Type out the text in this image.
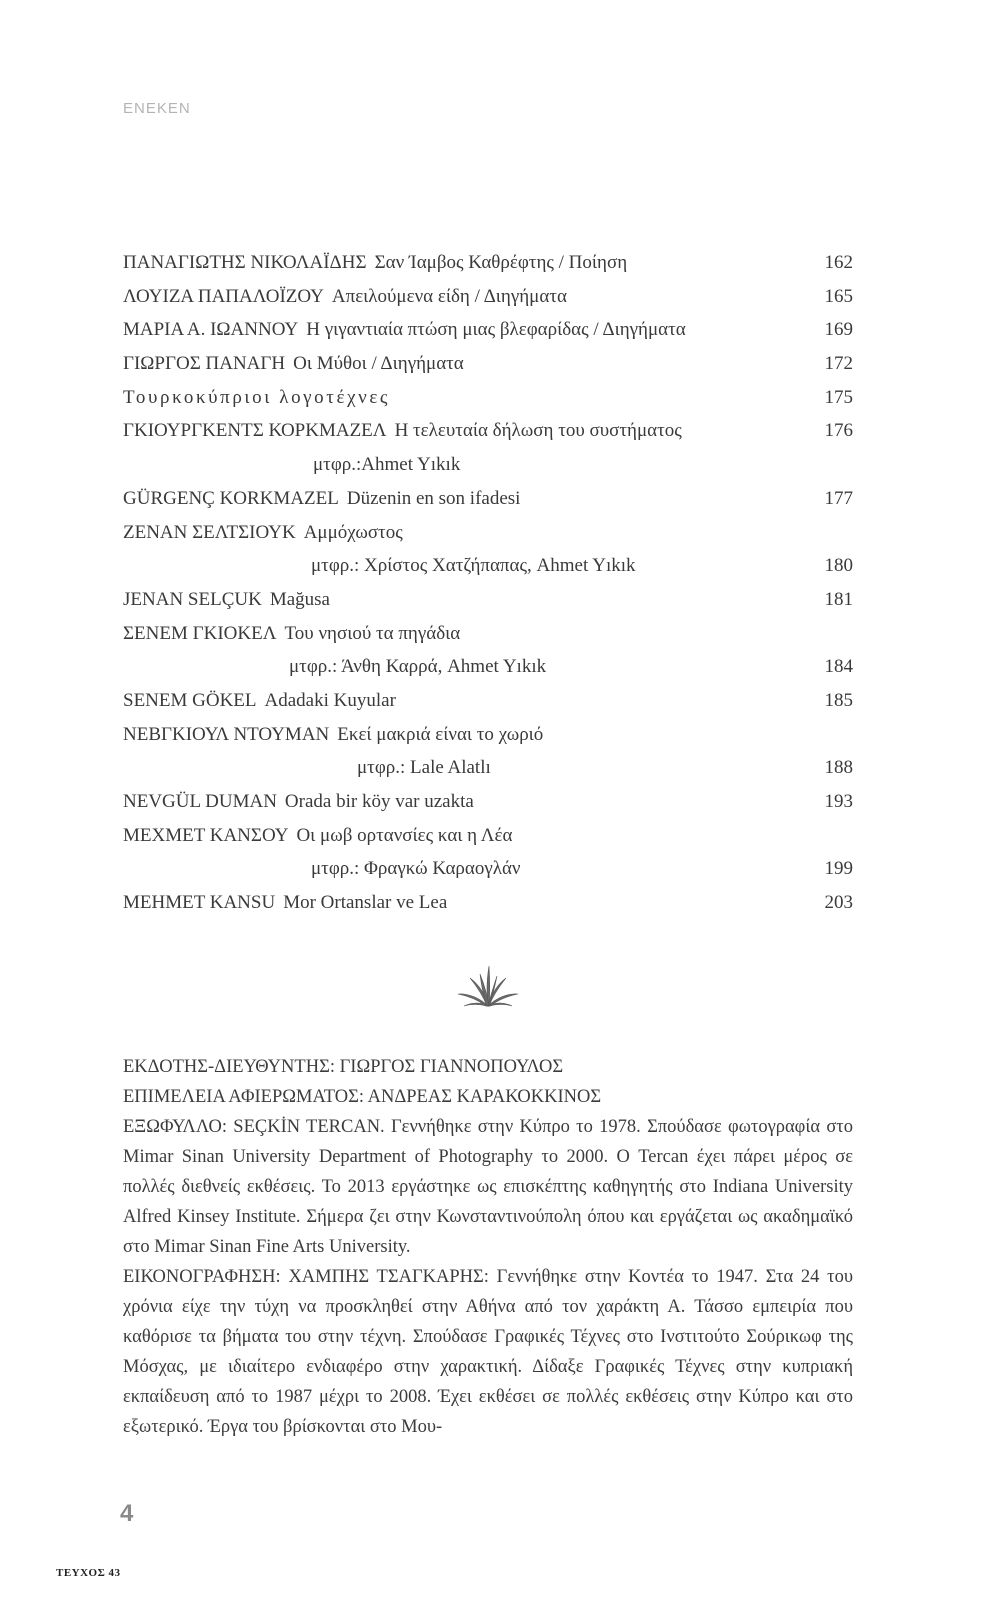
ΕΝΕΚΕΝ
ΠΑΝΑΓΙΩΤΗΣ ΝΙΚΟΛΑΪΔΗΣ Σαν Ίαμβος Καθρέφτης / Ποίηση	162
ΛΟΥΙΖΑ ΠΑΠΑΛΟΪΖΟΥ Απειλούμενα είδη / Διηγήματα	165
ΜΑΡΙΑ Α. ΙΩΑΝΝΟΥ Η γιγαντιαία πτώση μιας βλεφαρίδας / Διηγήματα	169
ΓΙΩΡΓΟΣ ΠΑΝΑΓΗ Οι Μύθοι / Διηγήματα	172
Τουρκοκύπριοι λογοτέχνες	175
ΓΚΙΟΥΡΓΚΕΝΤΣ ΚΟΡΚΜΑΖΕΛ Η τελευταία δήλωση του συστήματος	176
μτφρ.:Ahmet Yıkık
GÜRGENÇ KORKMAZEL Düzenin en son ifadesi	177
ΖΕΝΑΝ ΣΕΛΤΣΙΟΥΚ Αμμόχωστος
μτφρ.: Χρίστος Χατζήπαπας, Ahmet Yıkık	180
JENAN SELÇUK Mağusa	181
ΣΕΝΕΜ ΓΚΙΟΚΕΛ Του νησιού τα πηγάδια
μτφρ.: Άνθη Καρρά, Ahmet Yıkık	184
SENEM GÖKEL Adadaki Kuyular	185
ΝΕΒΓΚΙΟΥΛ ΝΤΟΥΜΑΝ Εκεί μακριά είναι το χωριό
μτφρ.: Lale Alatlı	188
NEVGÜL DUMAN Orada bir köy var uzakta	193
ΜΕΧΜΕΤ ΚΑΝΣΟΥ Οι μωβ ορτανσίες και η Λέα
μτφρ.: Φραγκώ Καραογλάν	199
MEHMET KANSU Mor Ortanslar ve Lea	203

ΕΚΔΟΤΗΣ-ΔΙΕΥΘΥΝΤΗΣ: ΓΙΩΡΓΟΣ ΓΙΑΝΝΟΠΟΥΛΟΣ

ΕΠΙΜΕΛΕΙΑ ΑΦΙΕΡΩΜΑΤΟΣ: ΑΝΔΡΕΑΣ ΚΑΡΑΚΟΚΚΙΝΟΣ

ΕΞΩΦΥΛΛΟ: SEÇKİN TERCAN. Γεννήθηκε στην Κύπρο το 1978. Σπούδασε φωτογραφία στο Mimar Sinan University Department of Photography το 2000. Ο Tercan έχει πάρει μέρος σε πολλές διεθνείς εκθέσεις. Το 2013 εργάστηκε ως επισκέπτης καθηγητής στο Indiana University Alfred Kinsey Institute. Σήμερα ζει στην Κωνσταντινούπολη όπου και εργάζεται ως ακαδημαϊκό στο Mimar Sinan Fine Arts University.

ΕΙΚΟΝΟΓΡΑΦΗΣΗ: ΧΑΜΠΗΣ ΤΣΑΓΚΑΡΗΣ: Γεννήθηκε στην Κοντέα το 1947. Στα 24 του χρόνια είχε την τύχη να προσκληθεί στην Αθήνα από τον χαράκτη Α. Τάσσο εμπειρία που καθόρισε τα βήματα του στην τέχνη. Σπούδασε Γραφικές Τέχνες στο Ινστιτούτο Σούρικωφ της Μόσχας, με ιδιαίτερο ενδιαφέρο στην χαρακτική. Δίδαξε Γραφικές Τέχνες στην κυπριακή εκπαίδευση από το 1987 μέχρι το 2008. Έχει εκθέσει σε πολλές εκθέσεις στην Κύπρο και στο εξωτερικό. Έργα του βρίσκονται στο Μου-

4
ΤΕΥΧΟΣ 43
